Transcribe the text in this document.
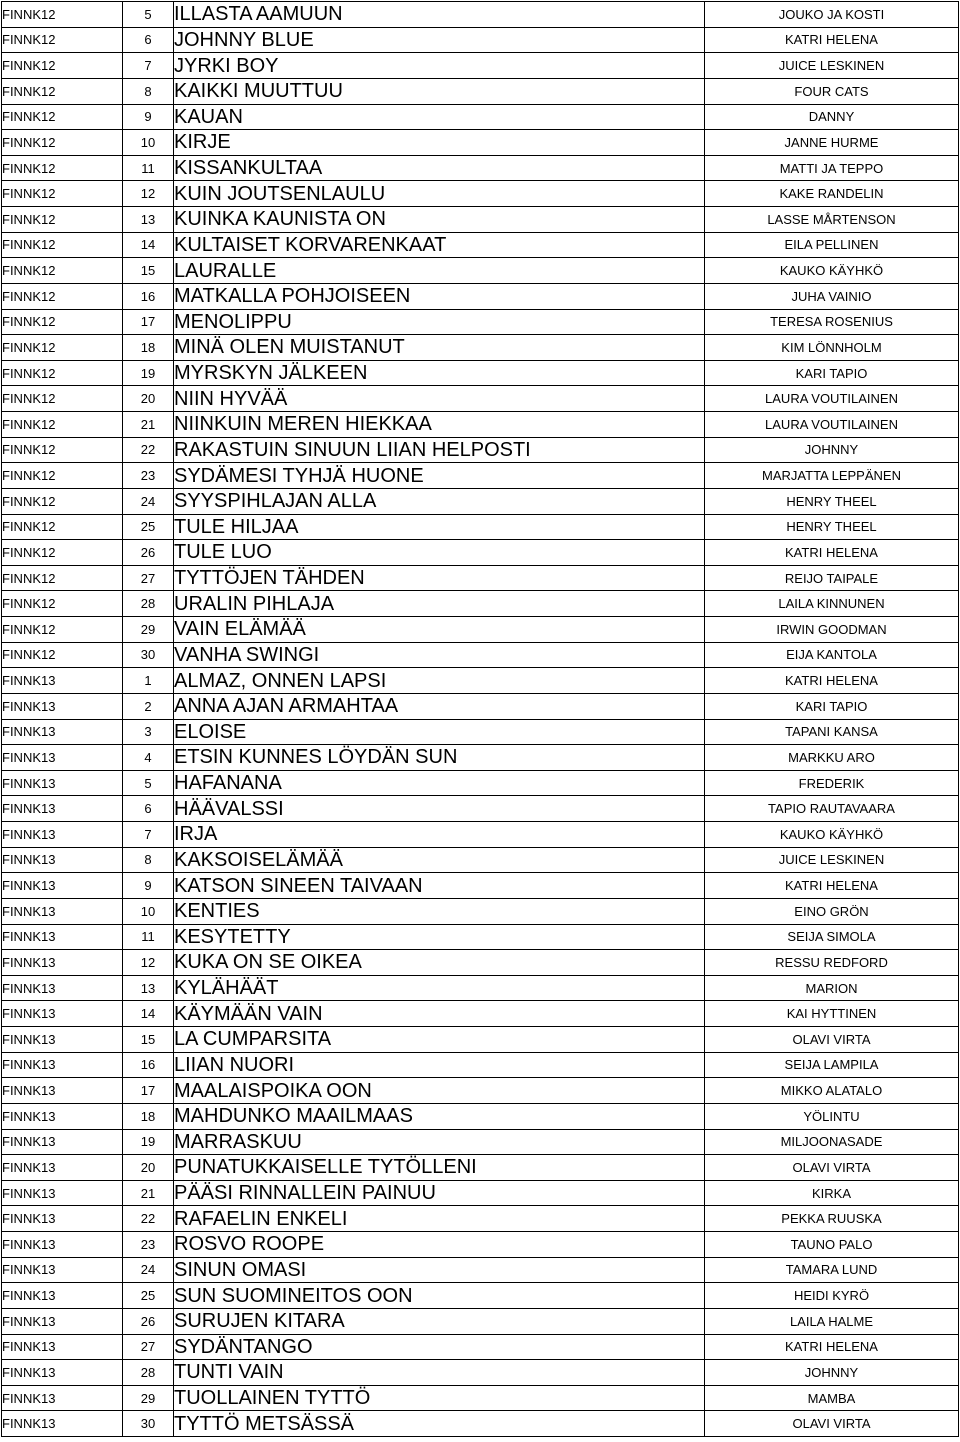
FINNK12	5	ILLASTA AAMUUN	JOUKO JA KOSTI
FINNK12	6	JOHNNY BLUE	KATRI HELENA
FINNK12	7	JYRKI BOY	JUICE LESKINEN
FINNK12	8	KAIKKI MUUTTUU	FOUR CATS
FINNK12	9	KAUAN	DANNY
FINNK12	10	KIRJE	JANNE HURME
FINNK12	11	KISSANKULTAA	MATTI JA TEPPO
FINNK12	12	KUIN JOUTSENLAULU	KAKE RANDELIN
FINNK12	13	KUINKA KAUNISTA ON	LASSE MÅRTENSON
FINNK12	14	KULTAISET KORVARENKAAT	EILA PELLINEN
FINNK12	15	LAURALLE	KAUKO KÄYHKÖ
FINNK12	16	MATKALLA POHJOISEEN	JUHA VAINIO
FINNK12	17	MENOLIPPU	TERESA ROSENIUS
FINNK12	18	MINÄ OLEN MUISTANUT	KIM LÖNNHOLM
FINNK12	19	MYRSKYN JÄLKEEN	KARI TAPIO
FINNK12	20	NIIN HYVÄÄ	LAURA VOUTILAINEN
FINNK12	21	NIINKUIN MEREN HIEKKAA	LAURA VOUTILAINEN
FINNK12	22	RAKASTUIN SINUUN LIIAN HELPOSTI	JOHNNY
FINNK12	23	SYDÄMESI TYHJÄ HUONE	MARJATTA LEPPÄNEN
FINNK12	24	SYYSPIHLAJAN ALLA	HENRY THEEL
FINNK12	25	TULE HILJAA	HENRY THEEL
FINNK12	26	TULE LUO	KATRI HELENA
FINNK12	27	TYTTÖJEN TÄHDEN	REIJO TAIPALE
FINNK12	28	URALIN PIHLAJA	LAILA KINNUNEN
FINNK12	29	VAIN ELÄMÄÄ	IRWIN GOODMAN
FINNK12	30	VANHA SWINGI	EIJA KANTOLA
FINNK13	1	ALMAZ, ONNEN LAPSI	KATRI HELENA
FINNK13	2	ANNA AJAN ARMAHTAA	KARI TAPIO
FINNK13	3	ELOISE	TAPANI KANSA
FINNK13	4	ETSIN KUNNES LÖYDÄN SUN	MARKKU ARO
FINNK13	5	HAFANANA	FREDERIK
FINNK13	6	HÄÄVALSSI	TAPIO RAUTAVAARA
FINNK13	7	IRJA	KAUKO KÄYHKÖ
FINNK13	8	KAKSOISELÄMÄÄ	JUICE LESKINEN
FINNK13	9	KATSON SINEEN TAIVAAN	KATRI HELENA
FINNK13	10	KENTIES	EINO GRÖN
FINNK13	11	KESYTETTY	SEIJA SIMOLA
FINNK13	12	KUKA ON SE OIKEA	RESSU REDFORD
FINNK13	13	KYLÄHÄÄT	MARION
FINNK13	14	KÄYMÄÄN VAIN	KAI HYTTINEN
FINNK13	15	LA CUMPARSITA	OLAVI VIRTA
FINNK13	16	LIIAN NUORI	SEIJA LAMPILA
FINNK13	17	MAALAISPOIKA OON	MIKKO ALATALO
FINNK13	18	MAHDUNKO MAAILMAAS	YÖLINTU
FINNK13	19	MARRASKUU	MILJOONASADE
FINNK13	20	PUNATUKKAISELLE TYTÖLLENI	OLAVI VIRTA
FINNK13	21	PÄÄSI RINNALLEIN PAINUU	KIRKA
FINNK13	22	RAFAELIN ENKELI	PEKKA RUUSKA
FINNK13	23	ROSVO ROOPE	TAUNO PALO
FINNK13	24	SINUN OMASI	TAMARA LUND
FINNK13	25	SUN SUOMINEITOS OON	HEIDI KYRÖ
FINNK13	26	SURUJEN KITARA	LAILA HALME
FINNK13	27	SYDÄNTANGO	KATRI HELENA
FINNK13	28	TUNTI VAIN	JOHNNY
FINNK13	29	TUOLLAINEN TYTTÖ	MAMBA
FINNK13	30	TYTTÖ METSÄSSÄ	OLAVI VIRTA
